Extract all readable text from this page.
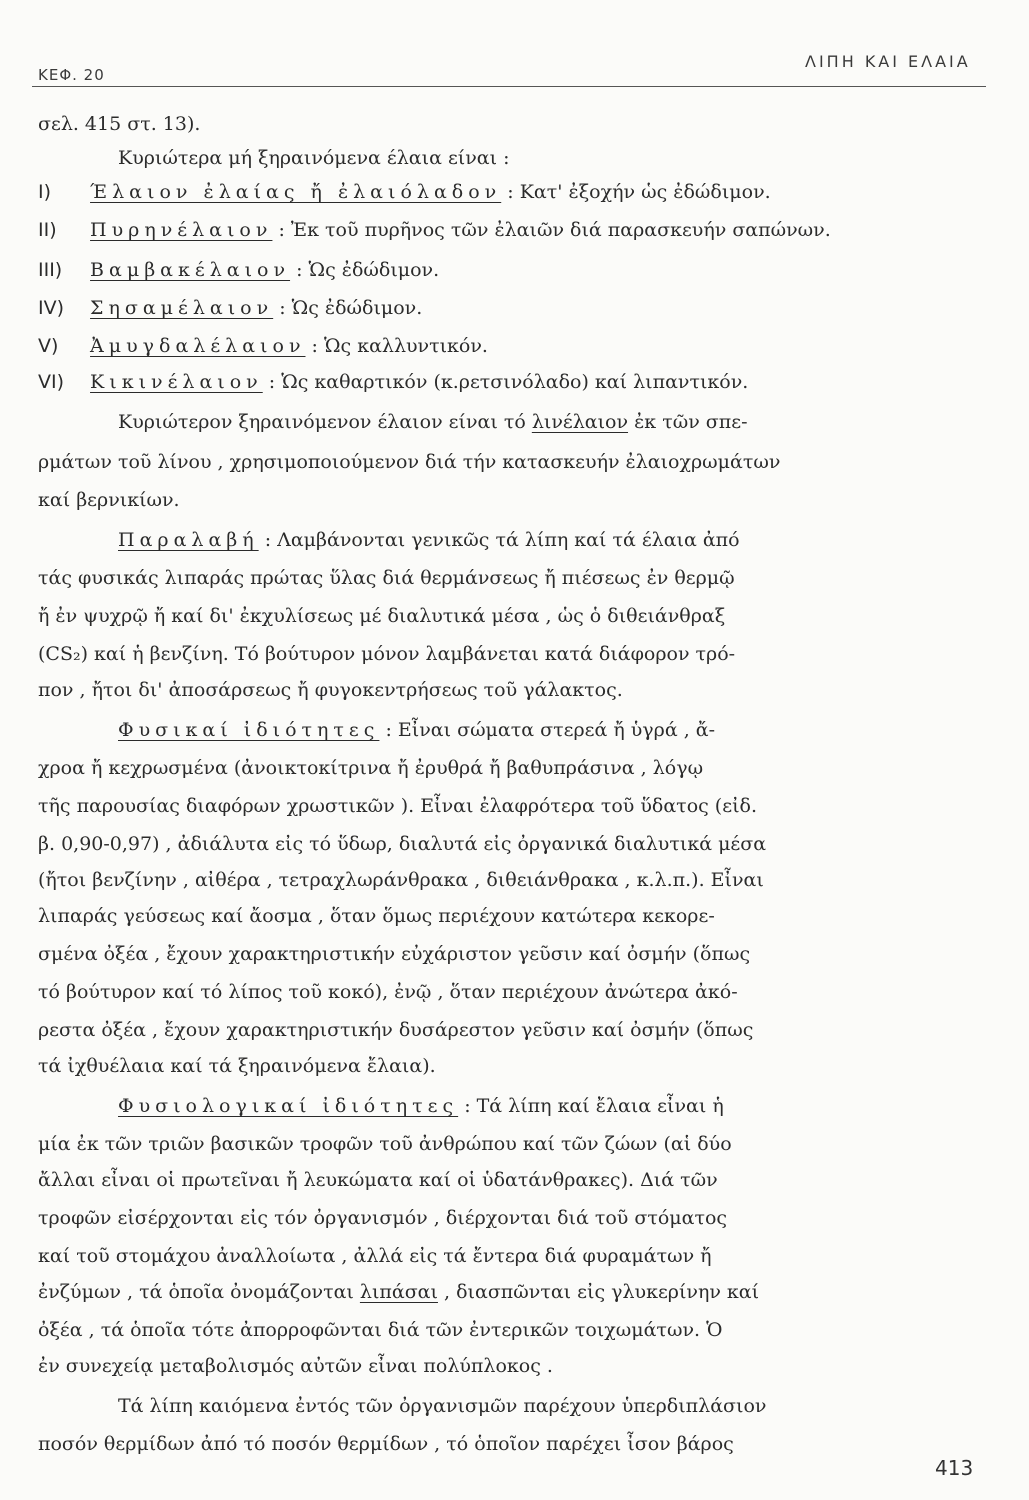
ΚΕΦ. 20
ΛΙΠΗ ΚΑΙ ΕΛΑΙΑ
σελ. 415 στ. 13).
Κυριώτερα μή ξηραινόμενα έλαια είναι :
I) Έλαιον ἐλαίας ἤ ἐλαιόλαδον : Κατ' ἐξοχήν ὡς ἐδώδιμον.
II) Πυρηνέλαιον : Ἐκ τοῦ πυρῆνος τῶν ἐλαιῶν διά παρασκευήν σαπώνων.
III) Βαμβακέλαιον : Ὡς ἐδώδιμον.
IV) Σησαμέλαιον : Ὡς ἐδώδιμον.
V) Ἀμυγδαλέλαιον : Ὡς καλλυντικόν.
VI) Κικινέλαιον : Ὡς καθαρτικόν (κ.ρετσινόλαδο) καί λιπαντικόν.
Κυριώτερον ξηραινόμενον έλαιον είναι τό λινέλαιον ἐκ τῶν σπε-
ρμάτων τοῦ λίνου , χρησιμοποιούμενον διά τήν κατασκευήν ἐλαιοχρωμάτων
καί βερνικίων.
Παραλαβή : Λαμβάνονται γενικῶς τά λίπη καί τά έλαια ἀπό
τάς φυσικάς λιπαράς πρώτας ὕλας διά θερμάνσεως ἤ πιέσεως ἐν θερμῷ
ἤ ἐν ψυχρῷ ἤ καί δι' ἐκχυλίσεως μέ διαλυτικά μέσα , ὡς ὁ διθειάνθραξ
(CS₂) καί ἡ βενζίνη. Τό βούτυρον μόνον λαμβάνεται κατά διάφορον τρό-
πον , ἤτοι δι' ἀποσάρσεως ἤ φυγοκεντρήσεως τοῦ γάλακτος.
Φυσικαί ἰδιότητες : Εἶναι σώματα στερεά ἤ ὑγρά , ἄ-
χροα ἤ κεχρωσμένα (ἀνοικτοκίτρινα ἤ ἐρυθρά ἤ βαθυπράσινα , λόγῳ
τῆς παρουσίας διαφόρων χρωστικῶν ). Εἶναι ἐλαφρότερα τοῦ ὕδατος (εἰδ.
β. 0,90-0,97) , ἀδιάλυτα εἰς τό ὕδωρ, διαλυτά εἰς ὀργανικά διαλυτικά μέσα
(ἤτοι βενζίνην , αἰθέρα , τετραχλωράνθρακα , διθειάνθρακα , κ.λ.π.). Εἶναι
λιπαράς γεύσεως καί ἄοσμα , ὅταν ὅμως περιέχουν κατώτερα κεκορε-
σμένα ὀξέα , ἔχουν χαρακτηριστικήν εὐχάριστον γεῦσιν καί ὀσμήν (ὅπως
τό βούτυρον καί τό λίπος τοῦ κοκό), ἐνῷ , ὅταν περιέχουν ἀνώτερα ἀκό-
ρεστα ὀξέα , ἔχουν χαρακτηριστικήν δυσάρεστον γεῦσιν καί ὀσμήν (ὅπως
τά ἰχθυέλαια καί τά ξηραινόμενα ἔλαια).
Φυσιολογικαί ἰδιότητες : Τά λίπη καί ἔλαια εἶναι ἡ
μία ἐκ τῶν τριῶν βασικῶν τροφῶν τοῦ ἀνθρώπου καί τῶν ζώων (αἱ δύο
ἄλλαι εἶναι οἱ πρωτεῖναι ἤ λευκώματα καί οἱ ὑδατάνθρακες). Διά τῶν
τροφῶν εἰσέρχονται εἰς τόν ὀργανισμόν , διέρχονται διά τοῦ στόματος
καί τοῦ στομάχου ἀναλλοίωτα , ἀλλά εἰς τά ἔντερα διά φυραμάτων ἤ
ἐνζύμων , τά ὁποῖα ὀνομάζονται λιπάσαι , διασπῶνται εἰς γλυκερίνην καί
ὀξέα , τά ὁποῖα τότε ἀπορροφῶνται διά τῶν ἐντερικῶν τοιχωμάτων. Ὁ
ἐν συνεχείᾳ μεταβολισμός αὐτῶν εἶναι πολύπλοκος .
Τά λίπη καιόμενα ἐντός τῶν ὀργανισμῶν παρέχουν ὑπερδιπλάσιον
ποσόν θερμίδων ἀπό τό ποσόν θερμίδων , τό ὁποῖον παρέχει ἶσον βάρος
413
